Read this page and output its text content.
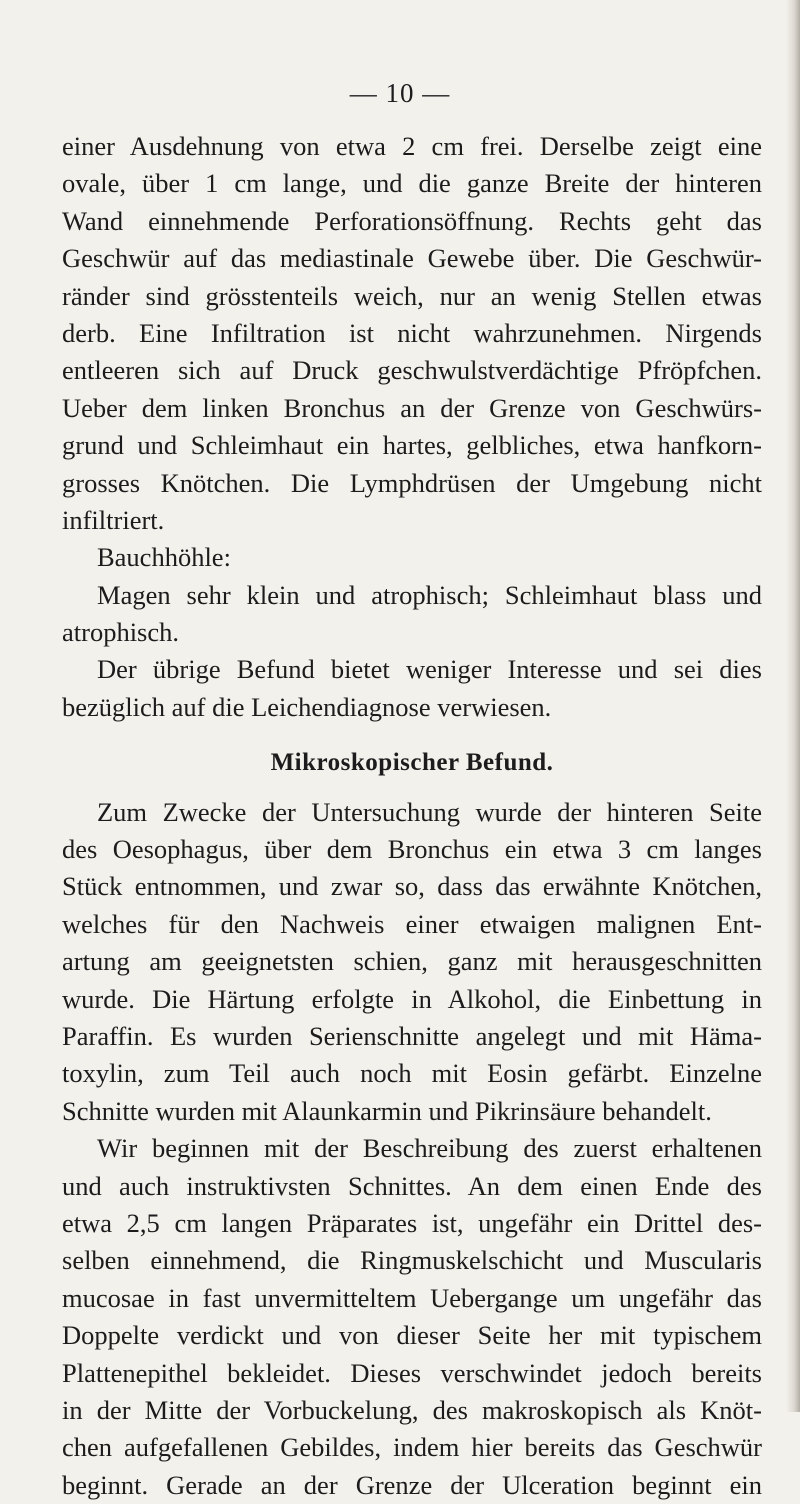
— 10 —
einer Ausdehnung von etwa 2 cm frei. Derselbe zeigt eine
ovale, über 1 cm lange, und die ganze Breite der hinteren
Wand einnehmende Perforationsöffnung. Rechts geht das
Geschwür auf das mediastinale Gewebe über. Die Geschwür-
ränder sind grösstenteils weich, nur an wenig Stellen etwas
derb. Eine Infiltration ist nicht wahrzunehmen. Nirgends
entleeren sich auf Druck geschwulstverdächtige Pfröpfchen.
Ueber dem linken Bronchus an der Grenze von Geschwürs-
grund und Schleimhaut ein hartes, gelbliches, etwa hanfkorn-
grosses Knötchen. Die Lymphdrüsen der Umgebung nicht
infiltriert.
Bauchhöhle:
Magen sehr klein und atrophisch; Schleimhaut blass und
atrophisch.
Der übrige Befund bietet weniger Interesse und sei dies
bezüglich auf die Leichendiagnose verwiesen.
Mikroskopischer Befund.
Zum Zwecke der Untersuchung wurde der hinteren Seite
des Oesophagus, über dem Bronchus ein etwa 3 cm langes
Stück entnommen, und zwar so, dass das erwähnte Knötchen,
welches für den Nachweis einer etwaigen malignen Ent-
artung am geeignetsten schien, ganz mit herausgeschnitten
wurde. Die Härtung erfolgte in Alkohol, die Einbettung in
Paraffin. Es wurden Serienschnitte angelegt und mit Häma-
toxylin, zum Teil auch noch mit Eosin gefärbt. Einzelne
Schnitte wurden mit Alaunkarmin und Pikrinsäure behandelt.
Wir beginnen mit der Beschreibung des zuerst erhaltenen
und auch instruktivsten Schnittes. An dem einen Ende des
etwa 2,5 cm langen Präparates ist, ungefähr ein Drittel des-
selben einnehmend, die Ringmuskelschicht und Muscularis
mucosae in fast unvermitteltem Uebergange um ungefähr das
Doppelte verdickt und von dieser Seite her mit typischem
Plattenepithel bekleidet. Dieses verschwindet jedoch bereits
in der Mitte der Vorbuckelung, des makroskopisch als Knöt-
chen aufgefallenen Gebildes, indem hier bereits das Geschwür
beginnt. Gerade an der Grenze der Ulceration beginnt ein
